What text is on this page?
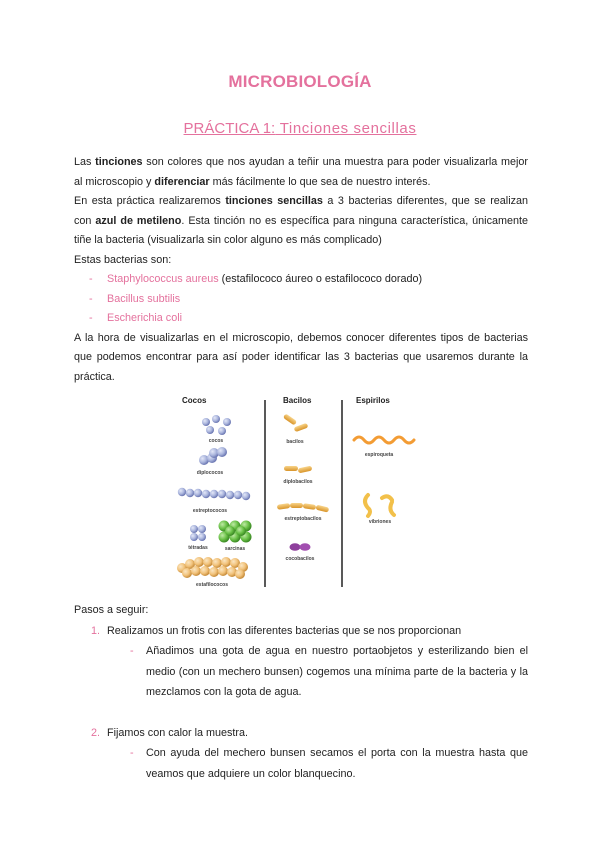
MICROBIOLOGÍA
PRÁCTICA 1: Tinciones sencillas

Las tinciones son colores que nos ayudan a teñir una muestra para poder visualizarla mejor al microscopio y diferenciar más fácilmente lo que sea de nuestro interés.

En esta práctica realizaremos tinciones sencillas a 3 bacterias diferentes, que se realizan con azul de metileno. Esta tinción no es específica para ninguna característica, únicamente tiñe la bacteria (visualizarla sin color alguno es más complicado)

Estas bacterias son:

- Staphylococcus aureus (estafilococo áureo o estafilococo dorado)
- Bacillus subtilis
- Escherichia coli

A la hora de visualizarlas en el microscopio, debemos conocer diferentes tipos de bacterias que podemos encontrar para así poder identificar las 3 bacterias que usaremos durante la práctica.

Cocos	Bacilos	Espirilos
cocos
diplococos
estreptococos
tétradas	sarcinas
estafilococos
bacilos
diplobacilos
estreptobacilos
cocobacilos
espiroqueta
vibriones

Pasos a seguir:

1. Realizamos un frotis con las diferentes bacterias que se nos proporcionan
- Añadimos una gota de agua en nuestro portaobjetos y esterilizando bien el medio (con un mechero bunsen) cogemos una mínima parte de la bacteria y la mezclamos con la gota de agua.
2. Fijamos con calor la muestra.
- Con ayuda del mechero bunsen secamos el porta con la muestra hasta que veamos que adquiere un color blanquecino.
